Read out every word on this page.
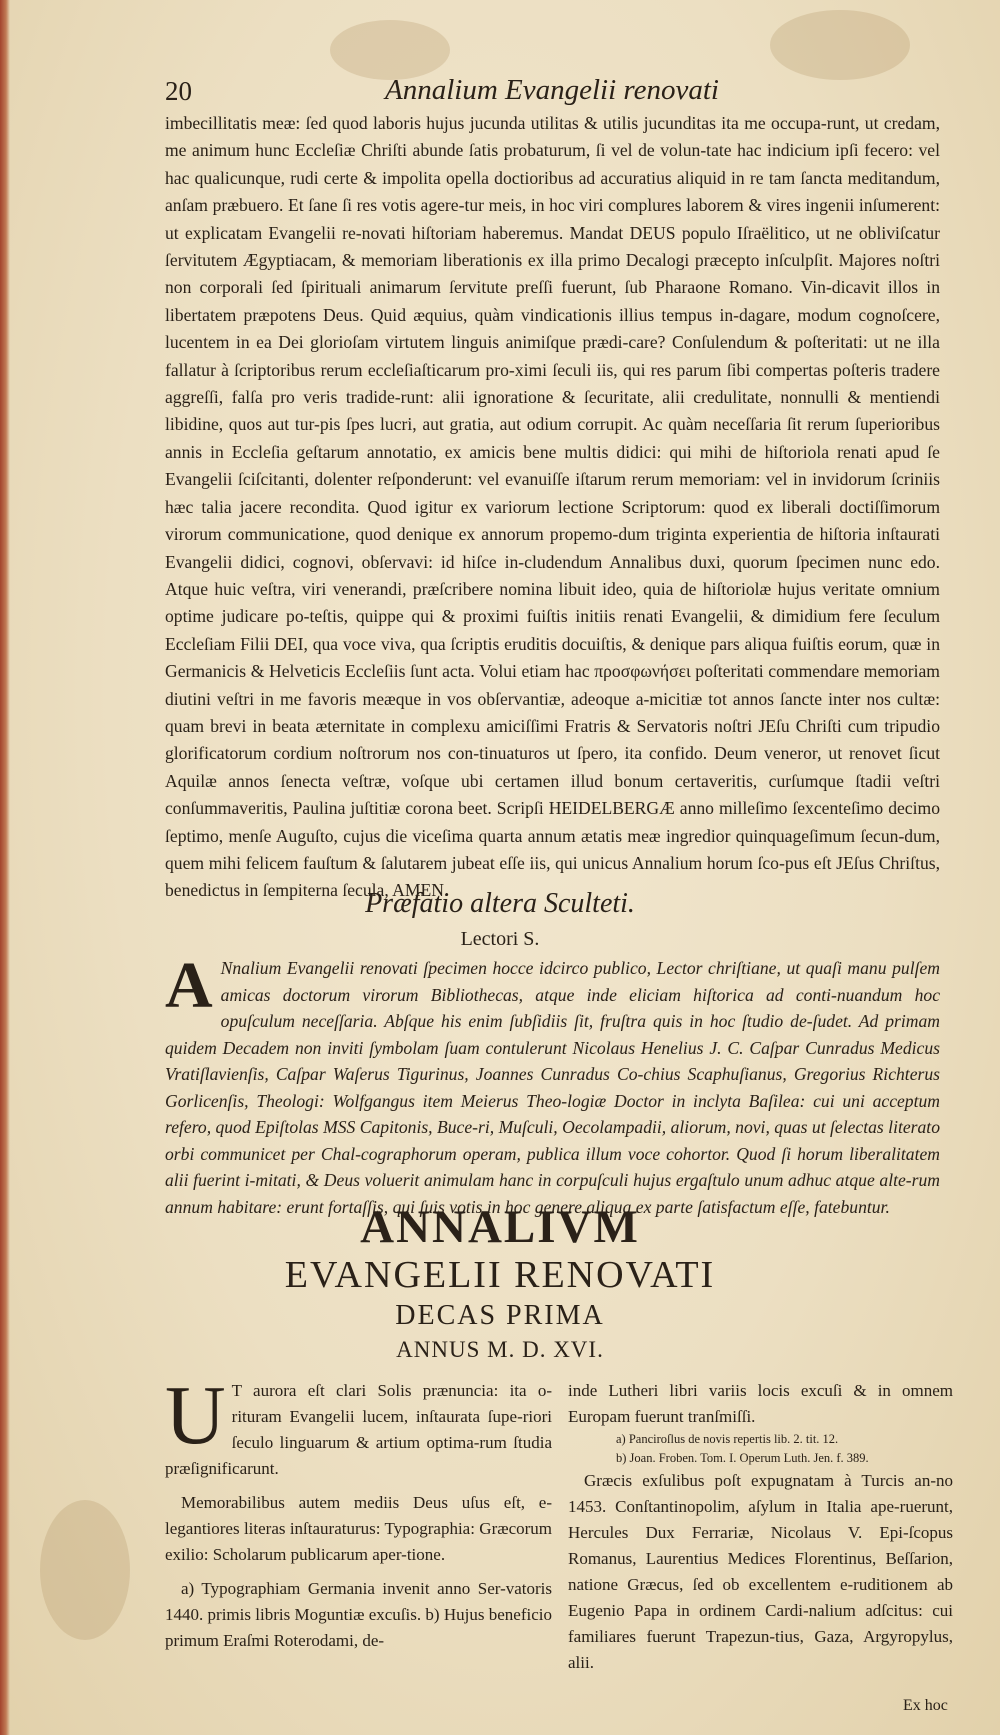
20	Annalium Evangelii renovati

imbecillitatis meæ: ſed quod laboris hujus jucunda utilitas & utilis jucunditas ita me occupa-runt, ut credam, me animum hunc Eccleſiæ Chriſti abunde ſatis probaturum, ſi vel de volun-tate hac indicium ipſi fecero: vel hac qualicunque, rudi certe & impolita opella doctioribus ad accuratius aliquid in re tam ſancta meditandum, anſam præbuero. Et ſane ſi res votis agere-tur meis, in hoc viri complures laborem & vires ingenii inſumerent: ut explicatam Evangelii re-novati hiſtoriam haberemus. Mandat DEUS populo Iſraëlitico, ut ne obliviſcatur ſervitutem Ægyptiacam, & memoriam liberationis ex illa primo Decalogi præcepto inſculpſit. Majores noſtri non corporali ſed ſpirituali animarum ſervitute preſſi fuerunt, ſub Pharaone Romano. Vin-dicavit illos in libertatem præpotens Deus. Quid æquius, quàm vindicationis illius tempus in-dagare, modum cognoſcere, lucentem in ea Dei glorioſam virtutem linguis animiſque prædi-care? Conſulendum & poſteritati: ut ne illa fallatur à ſcriptoribus rerum eccleſiaſticarum pro-ximi ſeculi iis, qui res parum ſibi compertas poſteris tradere aggreſſi, falſa pro veris tradide-runt: alii ignoratione & ſecuritate, alii credulitate, nonnulli & mentiendi libidine, quos aut tur-pis ſpes lucri, aut gratia, aut odium corrupit. Ac quàm neceſſaria ſit rerum ſuperioribus annis in Eccleſia geſtarum annotatio, ex amicis bene multis didici: qui mihi de hiſtoriola renati apud ſe Evangelii ſciſcitanti, dolenter reſponderunt: vel evanuiſſe iſtarum rerum memoriam: vel in invidorum ſcriniis hæc talia jacere recondita. Quod igitur ex variorum lectione Scriptorum: quod ex liberali doctiſſimorum virorum communicatione, quod denique ex annorum propemo-dum triginta experientia de hiſtoria inſtaurati Evangelii didici, cognovi, obſervavi: id hiſce in-cludendum Annalibus duxi, quorum ſpecimen nunc edo. Atque huic veſtra, viri venerandi, præſcribere nomina libuit ideo, quia de hiſtoriolæ hujus veritate omnium optime judicare po-teſtis, quippe qui & proximi fuiſtis initiis renati Evangelii, & dimidium fere ſeculum Eccleſiam Filii DEI, qua voce viva, qua ſcriptis eruditis docuiſtis, & denique pars aliqua fuiſtis eorum, quæ in Germanicis & Helveticis Eccleſiis ſunt acta. Volui etiam hac προσφωνήσει poſteritati commendare memoriam diutini veſtri in me favoris meæque in vos obſervantiæ, adeoque a-micitiæ tot annos ſancte inter nos cultæ: quam brevi in beata æternitate in complexu amiciſſimi Fratris & Servatoris noſtri JEſu Chriſti cum tripudio glorificatorum cordium noſtrorum nos con-tinuaturos ut ſpero, ita confido. Deum veneror, ut renovet ſicut Aquilæ annos ſenecta veſtræ, voſque ubi certamen illud bonum certaveritis, curſumque ſtadii veſtri conſummaveritis, Paulina juſtitiæ corona beet. Scripſi HEIDELBERGÆ anno milleſimo ſexcenteſimo decimo ſeptimo, menſe Auguſto, cujus die viceſima quarta annum ætatis meæ ingredior quinquageſimum ſecun-dum, quem mihi felicem fauſtum & ſalutarem jubeat eſſe iis, qui unicus Annalium horum ſco-pus eſt JEſus Chriſtus, benedictus in ſempiterna ſecula, AMEN.

Præfatio altera Sculteti.
Lectori S.

A Nnalium Evangelii renovati ſpecimen hocce idcirco publico, Lector chriſtiane, ut quaſi manu pulſem amicas doctorum virorum Bibliothecas, atque inde eliciam hiſtorica ad conti-nuandum hoc opuſculum neceſſaria. Abſque his enim ſubſidiis ſit, fruſtra quis in hoc ſtudio de-ſudet. Ad primam quidem Decadem non inviti ſymbolam ſuam contulerunt Nicolaus Henelius J. C. Caſpar Cunradus Medicus Vratiſlavienſis, Caſpar Waſerus Tigurinus, Joannes Cunradus Co-chius Scaphuſianus, Gregorius Richterus Gorlicenſis, Theologi: Wolfgangus item Meierus Theo-logiæ Doctor in inclyta Baſilea: cui uni acceptum refero, quod Epiſtolas MSS Capitonis, Buce-ri, Muſculi, Oecolampadii, aliorum, novi, quas ut ſelectas literato orbi communicet per Chal-cographorum operam, publica illum voce cohortor. Quod ſi horum liberalitatem alii fuerint i-mitati, & Deus voluerit animulam hanc in corpuſculi hujus ergaſtulo unum adhuc atque alte-rum annum habitare: erunt fortaſſis, qui ſuis votis in hoc genere aliqua ex parte ſatisfactum eſſe, fatebuntur.

ANNALIVM
EVANGELII RENOVATI
DECAS PRIMA
ANNUS M. D. XVI.

U T aurora eſt clari Solis prænuncia: ita o-rituram Evangelii lucem, inſtaurata ſupe-riori ſeculo linguarum & artium optima-rum ſtudia præſignificarunt.

Memorabilibus autem mediis Deus uſus eſt, e-legantiores literas inſtauraturus: Typographia: Græcorum exilio: Scholarum publicarum aper-tione.

a) Typographiam Germania invenit anno Ser-vatoris 1440. primis libris Moguntiæ excuſis. b) Hujus beneficio primum Eraſmi Roterodami, de-

inde Lutheri libri variis locis excuſi & in omnem Europam fuerunt tranſmiſſi.

a) Panciroſlus de novis repertis lib. 2. tit. 12.

b) Joan. Froben. Tom. I. Operum Luth. Jen. f. 389.

Græcis exſulibus poſt expugnatam à Turcis an-no 1453. Conſtantinopolim, aſylum in Italia ape-ruerunt, Hercules Dux Ferrariæ, Nicolaus V. Epi-ſcopus Romanus, Laurentius Medices Florentinus, Beſſarion, natione Græcus, ſed ob excellentem e-ruditionem ab Eugenio Papa in ordinem Cardi-nalium adſcitus: cui familiares fuerunt Trapezun-tius, Gaza, Argyropylus, alii.

Ex hoc
